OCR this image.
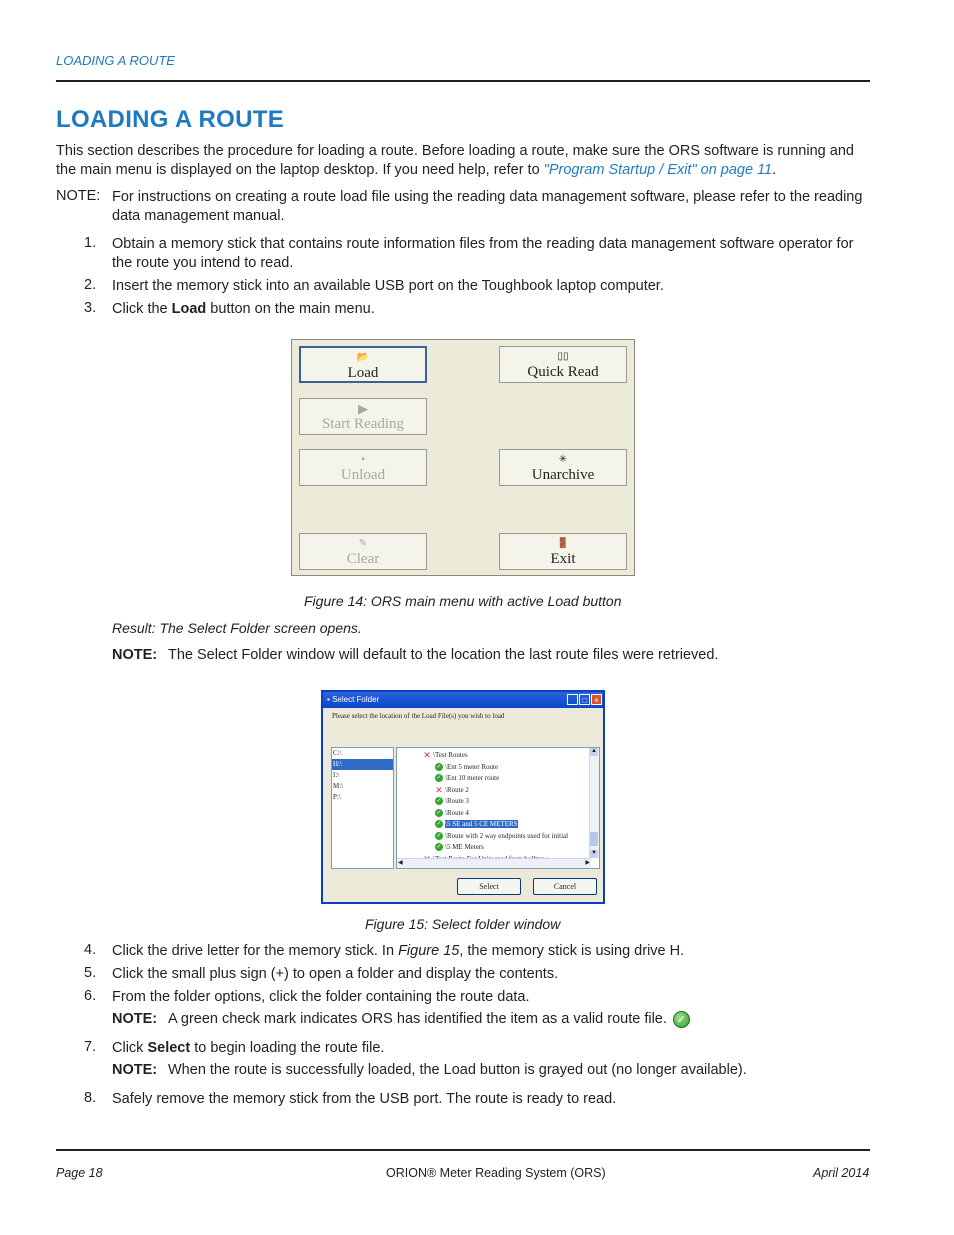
LOADING A ROUTE
LOADING A ROUTE
This section describes the procedure for loading a route. Before loading a route, make sure the ORS software is running and the main menu is displayed on the laptop desktop. If you need help, refer to "Program Startup / Exit" on page 11.
NOTE: For instructions on creating a route load file using the reading data management software, please refer to the reading data management manual.
1. Obtain a memory stick that contains route information files from the reading data management software operator for the route you intend to read.
2. Insert the memory stick into an available USB port on the Toughbook laptop computer.
3. Click the Load button on the main menu.
📂
Load
▯▯
Quick Read
▶
Start Reading
▪
Unload
✳
Unarchive
✎
Clear
🚪
Exit
Figure 14: ORS main menu with active Load button
Result: The Select Folder screen opens.
NOTE: The Select Folder window will default to the location the last route files were retrieved.
▪ Select Folder	_ □ ×
Please select the location of the Load File(s) you wish to load
C:\
H:\
I:\
M:\
P:\
✕ \Test Routes
✓ \Ent 5 meter Route
✓ \Ent 10 meter route
✕ \Route 2
✓ \Route 3
✓ \Route 4
✓ \5 SE and 5 CE METERS
✓ \Route with 2 way endpoints used for initial
✓ \5 ME Meters
▲
▼
◀	▶
Select	Cancel
Figure 15: Select folder window
4. Click the drive letter for the memory stick. In Figure 15, the memory stick is using drive H.
5. Click the small plus sign (+) to open a folder and display the contents.
6. From the folder options, click the folder containing the route data.
NOTE: A green check mark indicates ORS has identified the item as a valid route file. ✓
7. Click Select to begin loading the route file.
NOTE: When the route is successfully loaded, the Load button is grayed out (no longer available).
8. Safely remove the memory stick from the USB port. The route is ready to read.
Page 18	ORION® Meter Reading System (ORS)	April 2014
